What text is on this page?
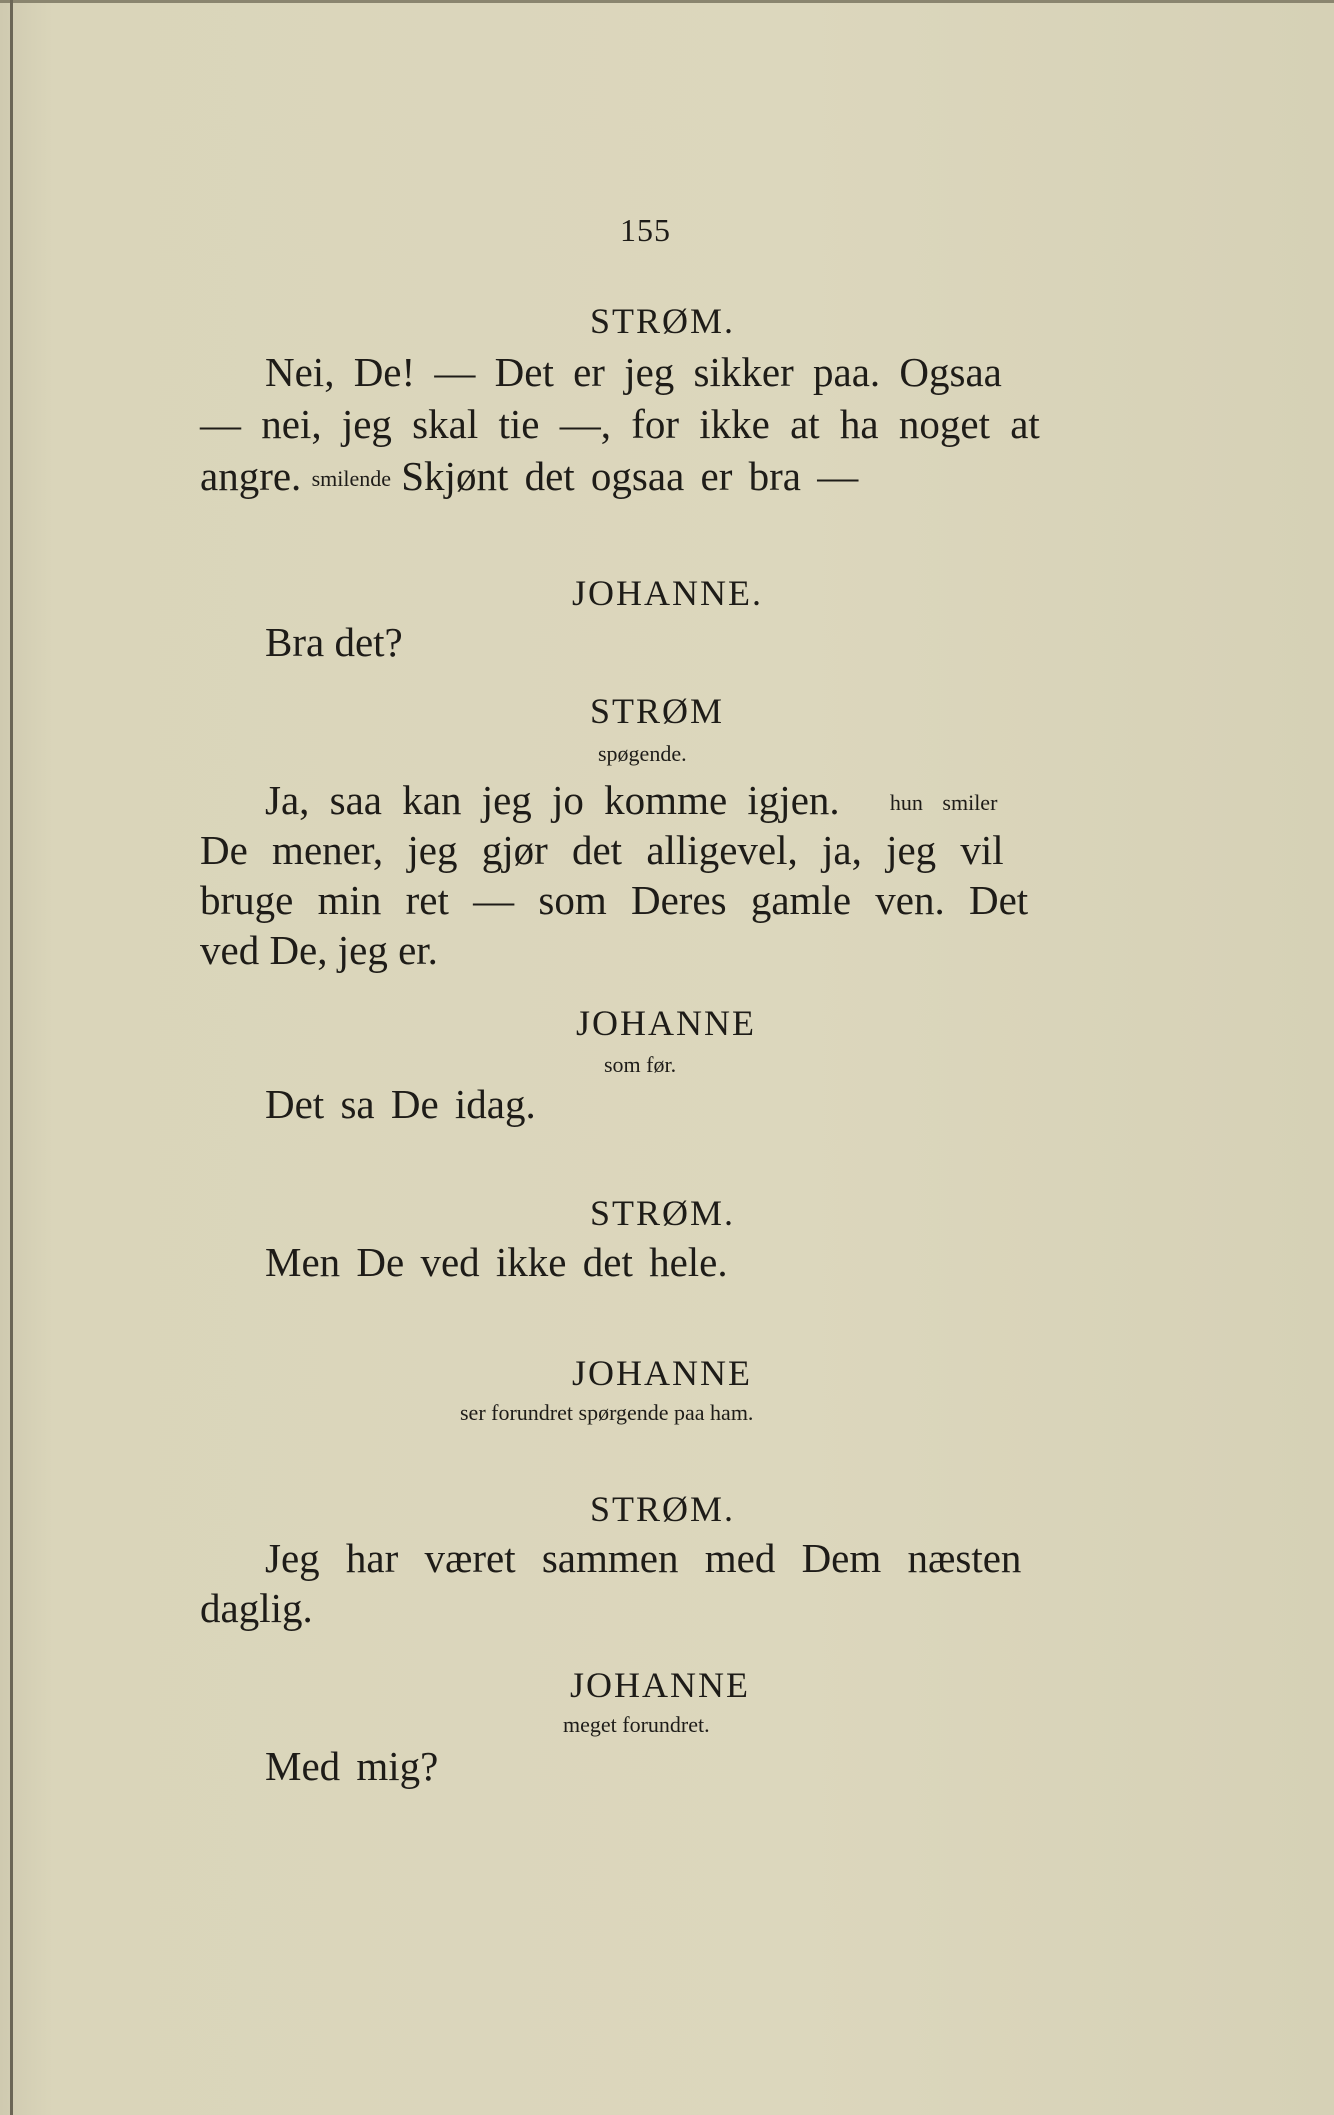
155
STRØM.
Nei, De! — Det er jeg sikker paa. Ogsaa
— nei, jeg skal tie —, for ikke at ha noget at
angre. smilende Skjønt det ogsaa er bra —
JOHANNE.
Bra det?
STRØM
spøgende.
Ja, saa kan jeg jo komme igjen. hun smiler
De mener, jeg gjør det alligevel, ja, jeg vil
bruge min ret — som Deres gamle ven. Det
ved De, jeg er.
JOHANNE
som før.
Det sa De idag.
STRØM.
Men De ved ikke det hele.
JOHANNE
ser forundret spørgende paa ham.
STRØM.
Jeg har været sammen med Dem næsten
daglig.
JOHANNE
meget forundret.
Med mig?
